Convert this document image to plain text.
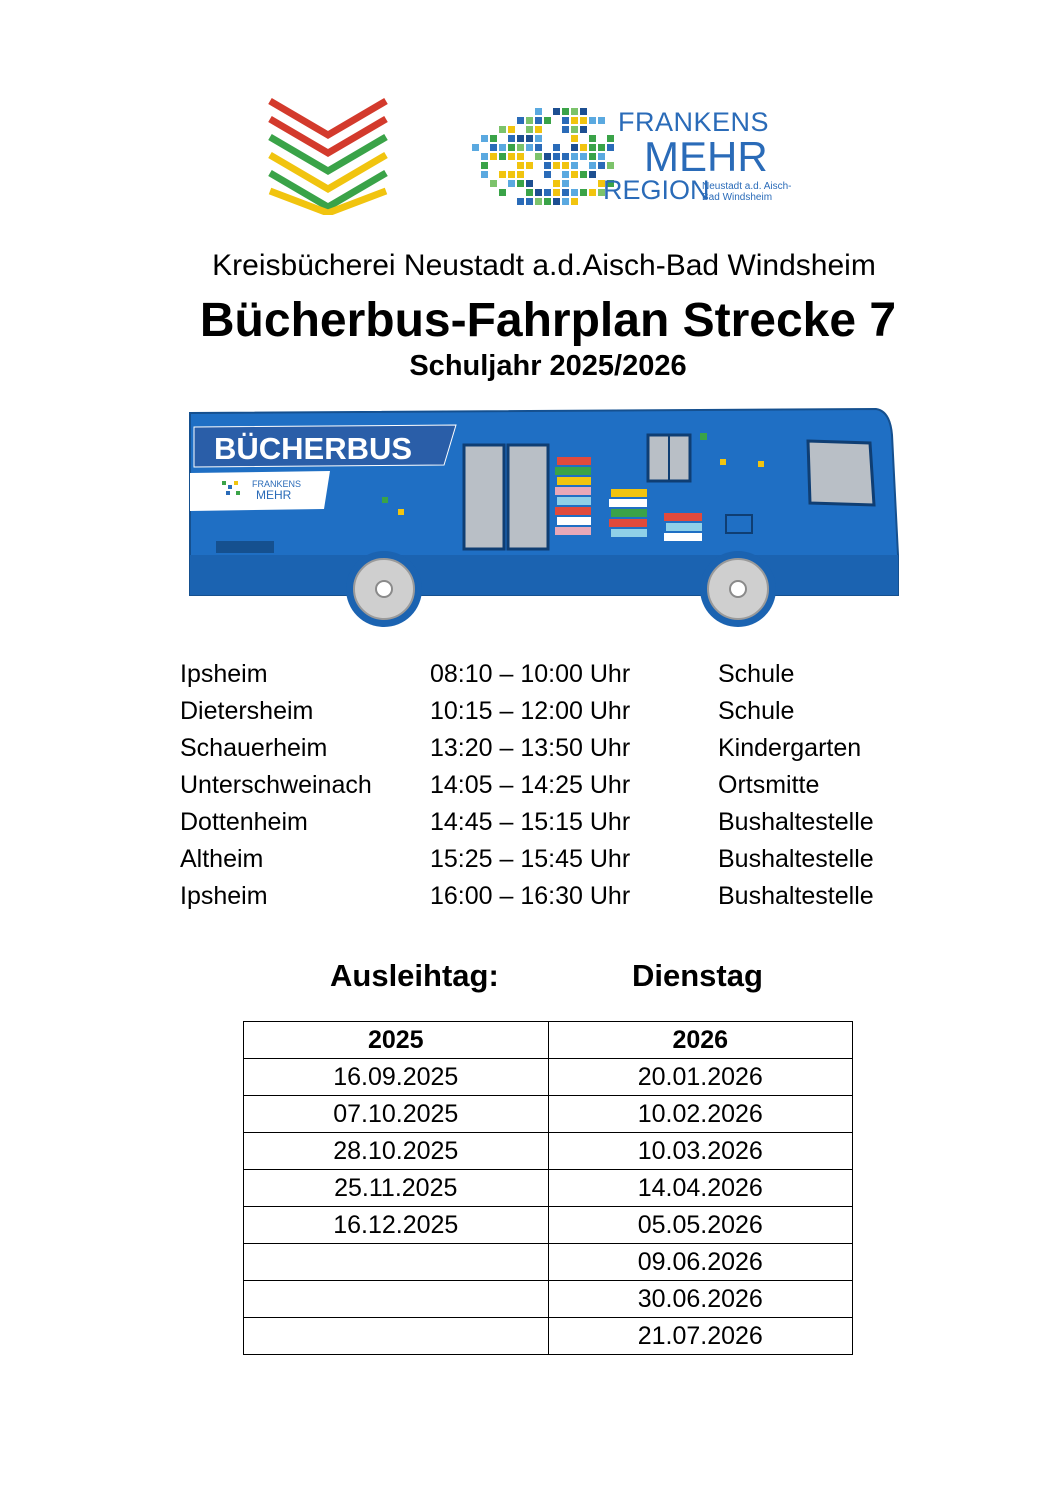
FRANKENS
MEHR
REGION
Neustadt a.d. Aisch-
Bad Windsheim
Kreisbücherei Neustadt a.d.Aisch-Bad Windsheim
Bücherbus-Fahrplan Strecke 7
Schuljahr 2025/2026
BÜCHERBUS
FRANKENS
MEHR
Ipsheim	08:10 – 10:00 Uhr	Schule
Dietersheim	10:15 – 12:00 Uhr	Schule
Schauerheim	13:20 – 13:50 Uhr	Kindergarten
Unterschweinach 14:05 – 14:25 Uhr	Ortsmitte
Dottenheim	14:45 – 15:15 Uhr	Bushaltestelle
Altheim	15:25 – 15:45 Uhr	Bushaltestelle
Ipsheim	16:00 – 16:30 Uhr	Bushaltestelle
Ausleihtag:	Dienstag
2025	2026
16.09.2025	20.01.2026
07.10.2025	10.02.2026
28.10.2025	10.03.2026
25.11.2025	14.04.2026
16.12.2025	05.05.2026
	09.06.2026
	30.06.2026
	21.07.2026
